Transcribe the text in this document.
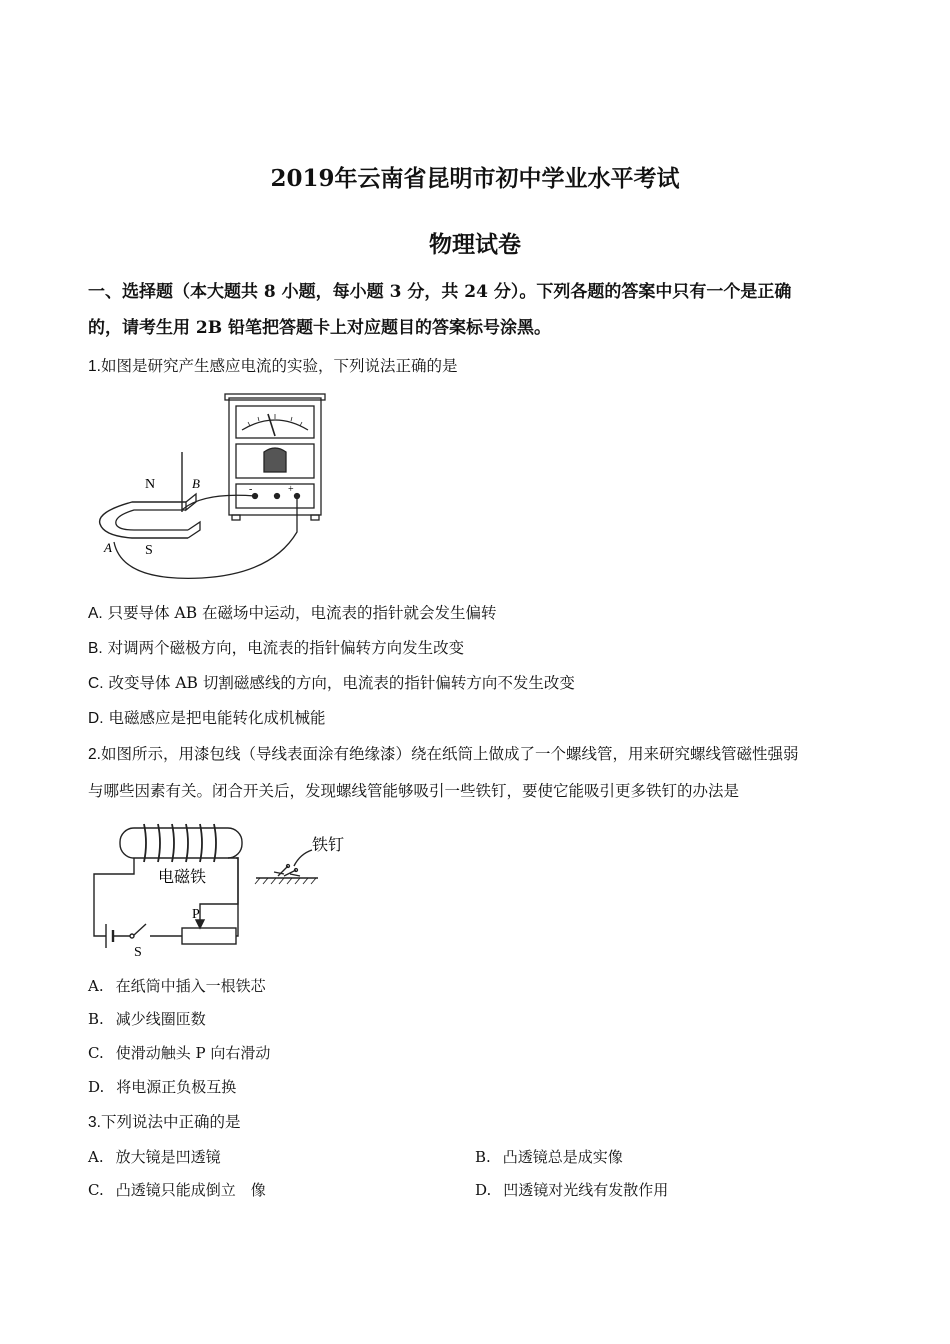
2019年云南省昆明市初中学业水平考试
物理试卷
一、选择题（本大题共 8 小题，每小题 3 分，共 24 分）。下列各题的答案中只有一个是正确
的，请考生用 2B 铅笔把答题卡上对应题目的答案标号涂黑。
1.如图是研究产生感应电流的实验，下列说法正确的是
N
S
B
A
-	+
A. 只要导体 AB 在磁场中运动，电流表的指针就会发生偏转
B. 对调两个磁极方向，电流表的指针偏转方向发生改变
C. 改变导体 AB 切割磁感线的方向，电流表的指针偏转方向不发生改变
D. 电磁感应是把电能转化成机械能
2.如图所示，用漆包线（导线表面涂有绝缘漆）绕在纸筒上做成了一个螺线管，用来研究螺线管磁性强弱
与哪些因素有关。闭合开关后，发现螺线管能够吸引一些铁钉，要使它能吸引更多铁钉的办法是
电磁铁
铁钉
P
S
A. 在纸筒中插入一根铁芯
B. 减少线圈匝数
C. 使滑动触头 P 向右滑动
D. 将电源正负极互换
3.下列说法中正确的是
A. 放大镜是凹透镜	B. 凸透镜总是成实像
C. 凸透镜只能成倒立　像	D. 凹透镜对光线有发散作用
